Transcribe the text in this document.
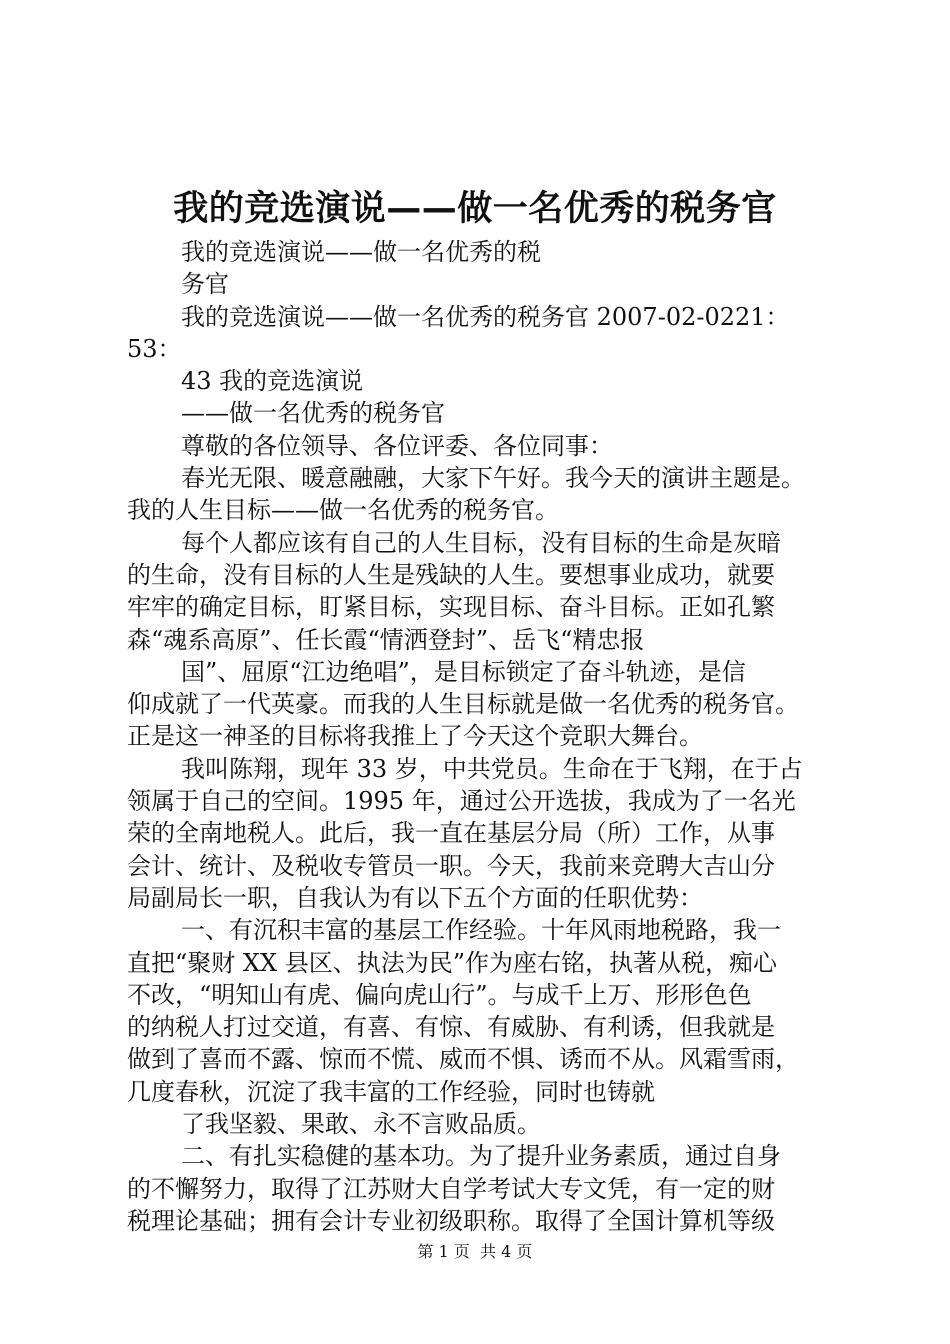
我的竞选演说——做一名优秀的税务官
我的竞选演说——做一名优秀的税
务官
我的竞选演说——做一名优秀的税务官 2007-02-0221：
53：
43 我的竞选演说
——做一名优秀的税务官
尊敬的各位领导、各位评委、各位同事：
春光无限、暖意融融，大家下午好。我今天的演讲主题是。
我的人生目标——做一名优秀的税务官。
每个人都应该有自己的人生目标，没有目标的生命是灰暗
的生命，没有目标的人生是残缺的人生。要想事业成功，就要
牢牢的确定目标，盯紧目标，实现目标、奋斗目标。正如孔繁
森“魂系高原”、任长霞“情洒登封”、岳飞“精忠报
国”、屈原“江边绝唱”，是目标锁定了奋斗轨迹，是信
仰成就了一代英豪。而我的人生目标就是做一名优秀的税务官。
正是这一神圣的目标将我推上了今天这个竞职大舞台。
我叫陈翔，现年 33 岁，中共党员。生命在于飞翔，在于占
领属于自己的空间。1995 年，通过公开选拔，我成为了一名光
荣的全南地税人。此后，我一直在基层分局（所）工作，从事
会计、统计、及税收专管员一职。今天，我前来竞聘大吉山分
局副局长一职，自我认为有以下五个方面的任职优势：
一、有沉积丰富的基层工作经验。十年风雨地税路，我一
直把“聚财 XX 县区、执法为民”作为座右铭，执著从税，痴心
不改，“明知山有虎、偏向虎山行”。与成千上万、形形色色
的纳税人打过交道，有喜、有惊、有威胁、有利诱，但我就是
做到了喜而不露、惊而不慌、威而不惧、诱而不从。风霜雪雨，
几度春秋，沉淀了我丰富的工作经验，同时也铸就
了我坚毅、果敢、永不言败品质。
二、有扎实稳健的基本功。为了提升业务素质，通过自身
的不懈努力，取得了江苏财大自学考试大专文凭，有一定的财
税理论基础；拥有会计专业初级职称。取得了全国计算机等级
第 1 页  共 4 页
